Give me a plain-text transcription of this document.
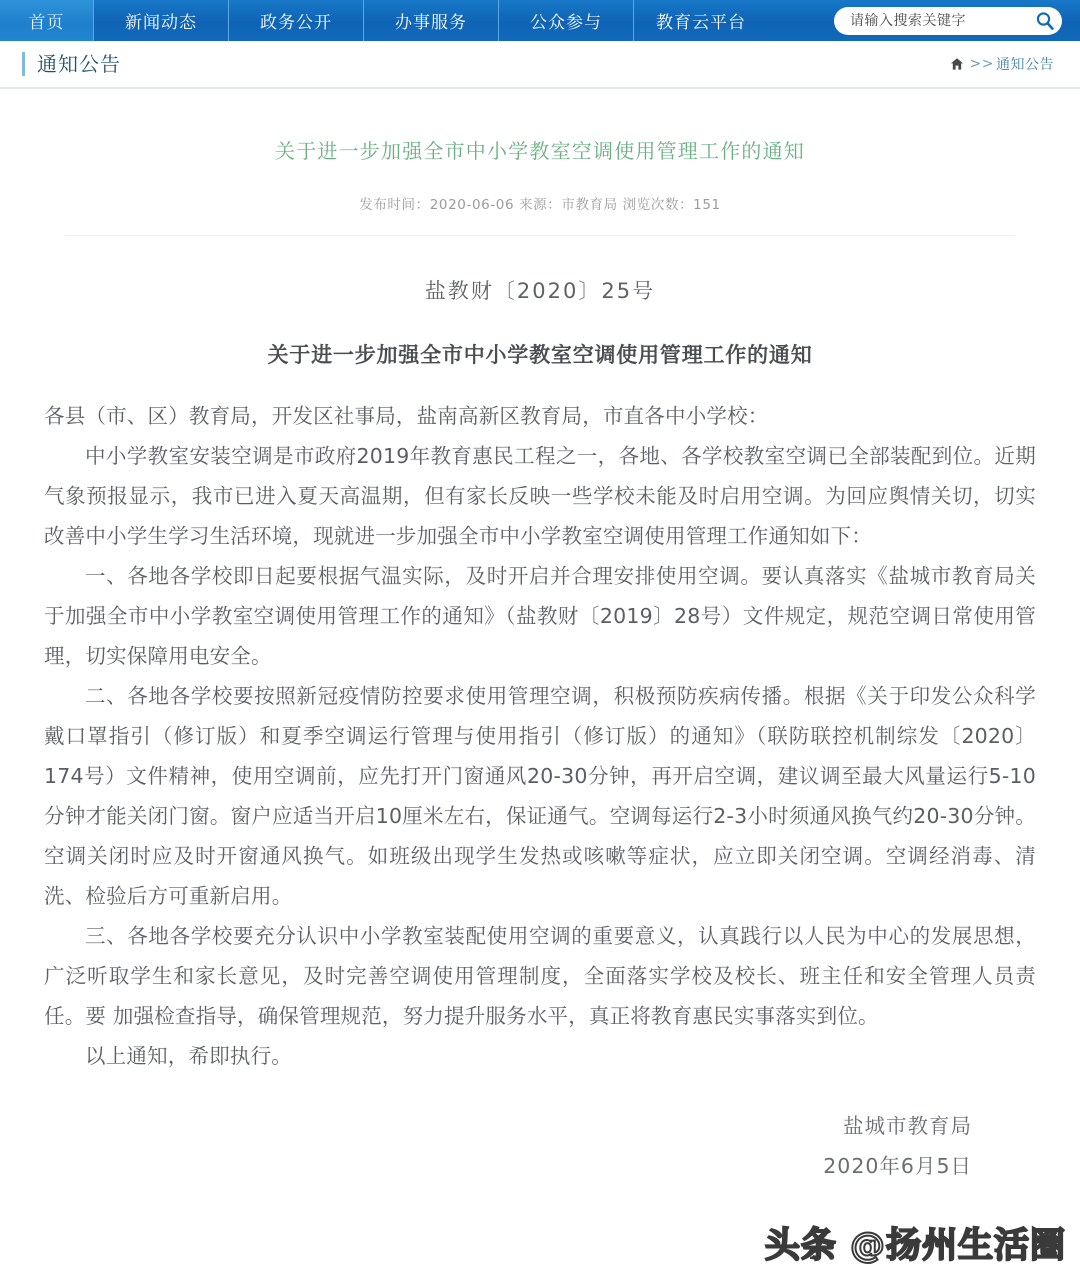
首页	新闻动态	政务公开	办事服务	公众参与	教育云平台
请输入搜索关键字
通知公告	>> 通知公告
关于进一步加强全市中小学教室空调使用管理工作的通知
发布时间：2020-06-06 来源：市教育局 浏览次数：151
盐教财〔2020〕25号
关于进一步加强全市中小学教室空调使用管理工作的通知

各县（市、区）教育局，开发区社事局，盐南高新区教育局，市直各中小学校：

中小学教室安装空调是市政府2019年教育惠民工程之一，各地、各学校教室空调已全部装配到位。近期气象预报显示，我市已进入夏天高温期，但有家长反映一些学校未能及时启用空调。为回应舆情关切，切实改善中小学生学习生活环境，现就进一步加强全市中小学教室空调使用管理工作通知如下：

一、各地各学校即日起要根据气温实际，及时开启并合理安排使用空调。要认真落实《盐城市教育局关于加强全市中小学教室空调使用管理工作的通知》（盐教财〔2019〕28号）文件规定，规范空调日常使用管理，切实保障用电安全。

二、各地各学校要按照新冠疫情防控要求使用管理空调，积极预防疾病传播。根据《关于印发公众科学戴口罩指引（修订版）和夏季空调运行管理与使用指引（修订版）的通知》（联防联控机制综发〔2020〕174号）文件精神，使用空调前，应先打开门窗通风20-30分钟，再开启空调，建议调至最大风量运行5-10分钟才能关闭门窗。窗户应适当开启10厘米左右，保证通气。空调每运行2-3小时须通风换气约20-30分钟。空调关闭时应及时开窗通风换气。如班级出现学生发热或咳嗽等症状，应立即关闭空调。空调经消毒、清洗、检验后方可重新启用。

三、各地各学校要充分认识中小学教室装配使用空调的重要意义，认真践行以人民为中心的发展思想，广泛听取学生和家长意见，及时完善空调使用管理制度，全面落实学校及校长、班主任和安全管理人员责任。要 加强检查指导，确保管理规范，努力提升服务水平，真正将教育惠民实事落实到位。

以上通知，希即执行。

盐城市教育局
2020年6月5日
头条 @扬州生活圈
